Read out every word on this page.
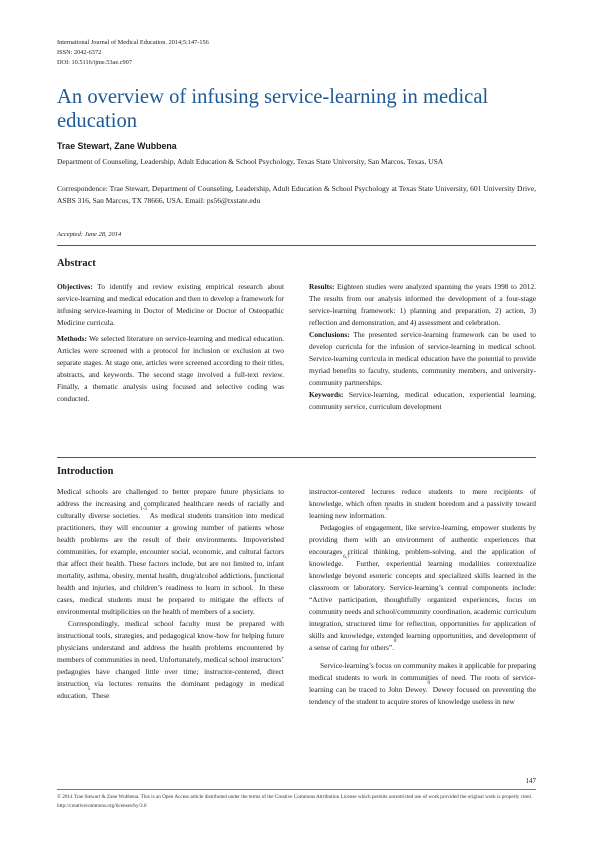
International Journal of Medical Education. 2014;5:147-156
ISSN: 2042-6372
DOI: 10.5116/ijme.53ae.c907
An overview of infusing service-learning in medical education
Trae Stewart, Zane Wubbena
Department of Counseling, Leadership, Adult Education & School Psychology, Texas State University, San Marcos, Texas, USA
Correspondence: Trae Stewart, Department of Counseling, Leadership, Adult Education & School Psychology at Texas State University, 601 University Drive, ASBS 316, San Marcos, TX 78666, USA. Email: ps56@txstate.edu
Accepted: June 28, 2014
Abstract

Objectives: To identify and review existing empirical research about service-learning and medical education and then to develop a framework for infusing service-learning in Doctor of Medicine or Doctor of Osteopathic Medicine curricula.

Methods: We selected literature on service-learning and medical education. Articles were screened with a protocol for inclusion or exclusion at two separate stages. At stage one, articles were screened according to their titles, abstracts, and keywords. The second stage involved a full-text review. Finally, a thematic analysis using focused and selective coding was conducted.

Results: Eighteen studies were analyzed spanning the years 1998 to 2012. The results from our analysis informed the development of a four-stage service-learning framework: 1) planning and preparation, 2) action, 3) reflection and demonstration, and 4) assessment and celebration.

Conclusions: The presented service-learning framework can be used to develop curricula for the infusion of service-learning in medical school. Service-learning curricula in medical education have the potential to provide myriad benefits to faculty, students, community members, and university-community partnerships.

Keywords: Service-learning, medical education, experiential learning, community service, curriculum development

Introduction

Medical schools are challenged to better prepare future physicians to address the increasing and complicated healthcare needs of racially and culturally diverse societies.$^{1-3}$ As medical students transition into medical practitioners, they will encounter a growing number of patients whose health problems are the result of their environments. Impoverished communities, for example, encounter social, economic, and cultural factors that affect their health. These factors include, but are not limited to, infant mortality, asthma, obesity, mental health, drug/alcohol addictions, functional health and injuries, and children’s readiness to learn in school.$^4$ In these cases, medical students must be prepared to mitigate the effects of environmental multiplicities on the health of members of a society.

Correspondingly, medical school faculty must be prepared with instructional tools, strategies, and pedagogical know-how for helping future physicians understand and address the health problems encountered by members of communities in need. Unfortunately, medical school instructors’ pedagogies have changed little over time; instructor-centered, direct instruction via lectures remains the dominant pedagogy in medical education.$^5$ These

instructor-centered lectures reduce students to mere recipients of knowledge, which often results in student boredom and a passivity toward learning new information.$^6$

Pedagogies of engagement, like service-learning, empower students by providing them with an environment of authentic experiences that encourages critical thinking, problem-solving, and the application of knowledge.$^{6,7}$ Further, experiential learning modalities contextualize knowledge beyond esoteric concepts and specialized skills learned in the classroom or laboratory. Service-learning’s central components include: “Active participation, thoughtfully organized experiences, focus on community needs and school/community coordination, academic curriculum integration, structured time for reflection, opportunities for application of skills and knowledge, extended learning opportunities, and development of a sense of caring for others”.$^8$

Service-learning’s focus on community makes it applicable for preparing medical students to work in communities of need. The roots of service-learning can be traced to John Dewey.$^9$ Dewey focused on preventing the tendency of the student to acquire stores of knowledge useless in new

147
© 2014 Trae Stewart & Zane Wubbena. This is an Open Access article distributed under the terms of the Creative Commons Attribution License which permits unrestricted use of work provided the original work is properly cited. http://creativecommons.org/licenses/by/3.0
